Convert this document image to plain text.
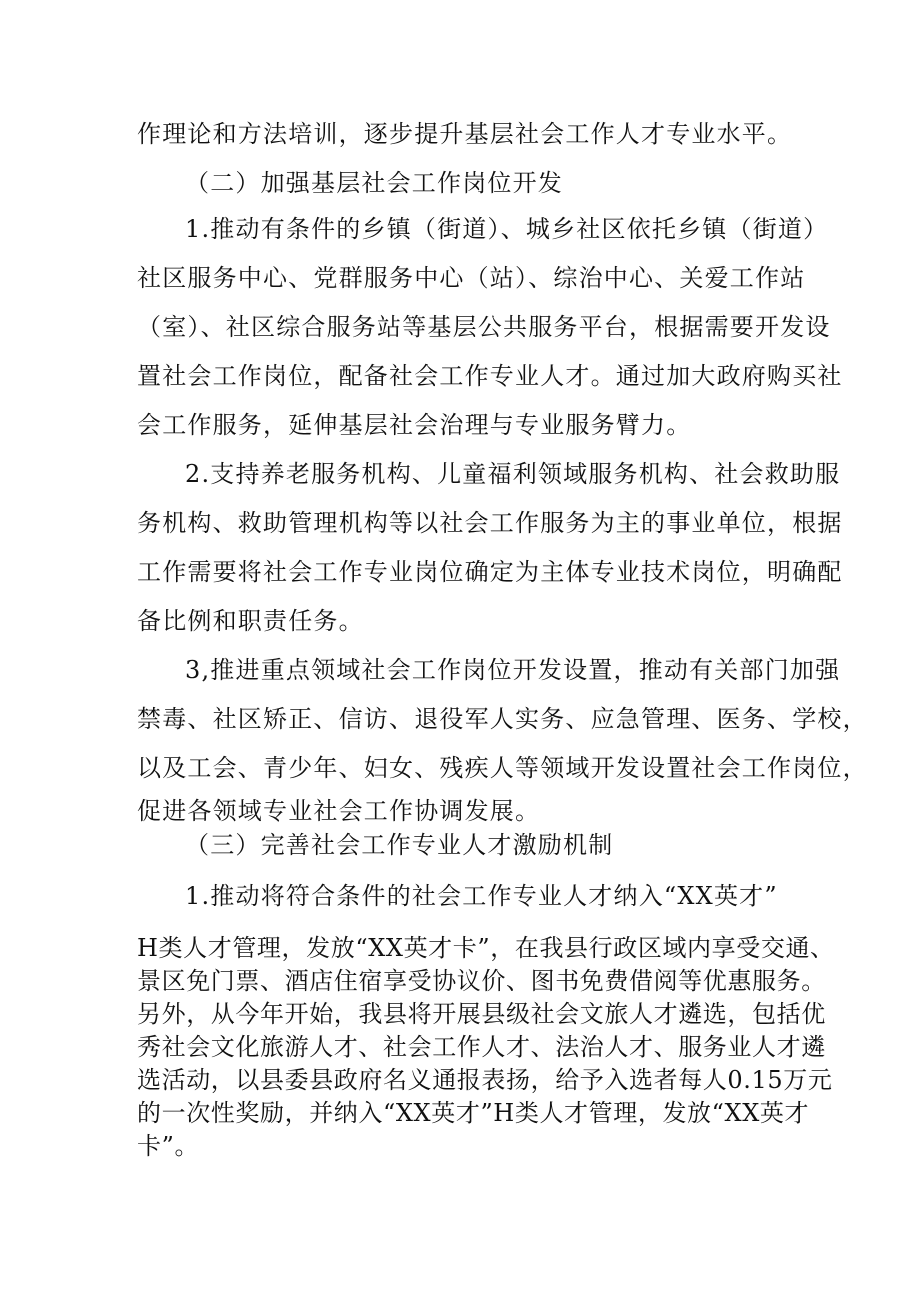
作理论和方法培训，逐步提升基层社会工作人才专业水平。
（二）加强基层社会工作岗位开发
1.推动有条件的乡镇（街道）、城乡社区依托乡镇（街道）
社区服务中心、党群服务中心（站）、综治中心、关爱工作站
（室）、社区综合服务站等基层公共服务平台，根据需要开发设
置社会工作岗位，配备社会工作专业人才。通过加大政府购买社
会工作服务，延伸基层社会治理与专业服务臂力。
2.支持养老服务机构、儿童福利领域服务机构、社会救助服
务机构、救助管理机构等以社会工作服务为主的事业单位，根据
工作需要将社会工作专业岗位确定为主体专业技术岗位，明确配
备比例和职责任务。
3,推进重点领域社会工作岗位开发设置，推动有关部门加强
禁毒、社区矫正、信访、退役军人实务、应急管理、医务、学校，
以及工会、青少年、妇女、残疾人等领域开发设置社会工作岗位，
促进各领域专业社会工作协调发展。
（三）完善社会工作专业人才激励机制
1.推动将符合条件的社会工作专业人才纳入“XX英才”
H类人才管理，发放“XX英才卡”，在我县行政区域内享受交通、
景区免门票、酒店住宿享受协议价、图书免费借阅等优惠服务。
另外，从今年开始，我县将开展县级社会文旅人才遴选，包括优
秀社会文化旅游人才、社会工作人才、法治人才、服务业人才遴
选活动，以县委县政府名义通报表扬，给予入选者每人0.15万元
的一次性奖励，并纳入“XX英才”H类人才管理，发放“XX英才
卡”。
